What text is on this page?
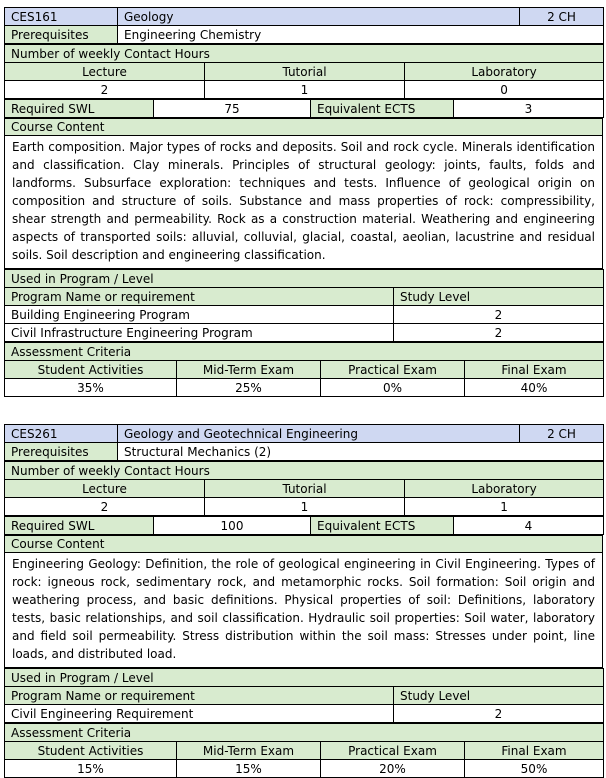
CES161	Geology	2 CH
Prerequisites	Engineering Chemistry	
Number of weekly Contact Hours		
Lecture	Tutorial	Laboratory
2	1	0
Required SWL	75	Equivalent ECTS	3
Course Content
Earth composition. Major types of rocks and deposits. Soil and rock cycle. Minerals identification and classification. Clay minerals. Principles of structural geology: joints, faults, folds and landforms. Subsurface exploration: techniques and tests. Influence of geological origin on composition and structure of soils. Substance and mass properties of rock: compressibility, shear strength and permeability. Rock as a construction material. Weathering and engineering aspects of transported soils: alluvial, colluvial, glacial, coastal, aeolian, lacustrine and residual soils. Soil description and engineering classification.
Used in Program / Level	
Program Name or requirement	Study Level
Building Engineering Program	2
Civil Infrastructure Engineering Program	2
Assessment Criteria			
Student Activities	Mid-Term Exam	Practical Exam	Final Exam
35%	25%	0%	40%
CES261	Geology and Geotechnical Engineering	2 CH
Prerequisites	Structural Mechanics (2)	
Number of weekly Contact Hours		
Lecture	Tutorial	Laboratory
2	1	1
Required SWL	100	Equivalent ECTS	4
Course Content
Engineering Geology: Definition, the role of geological engineering in Civil Engineering. Types of rock: igneous rock, sedimentary rock, and metamorphic rocks. Soil formation: Soil origin and weathering process, and basic definitions. Physical properties of soil: Definitions, laboratory tests, basic relationships, and soil classification. Hydraulic soil properties: Soil water, laboratory and field soil permeability. Stress distribution within the soil mass: Stresses under point, line loads, and distributed load.
Used in Program / Level	
Program Name or requirement	Study Level
Civil Engineering Requirement	2
Assessment Criteria			
Student Activities	Mid-Term Exam	Practical Exam	Final Exam
15%	15%	20%	50%
